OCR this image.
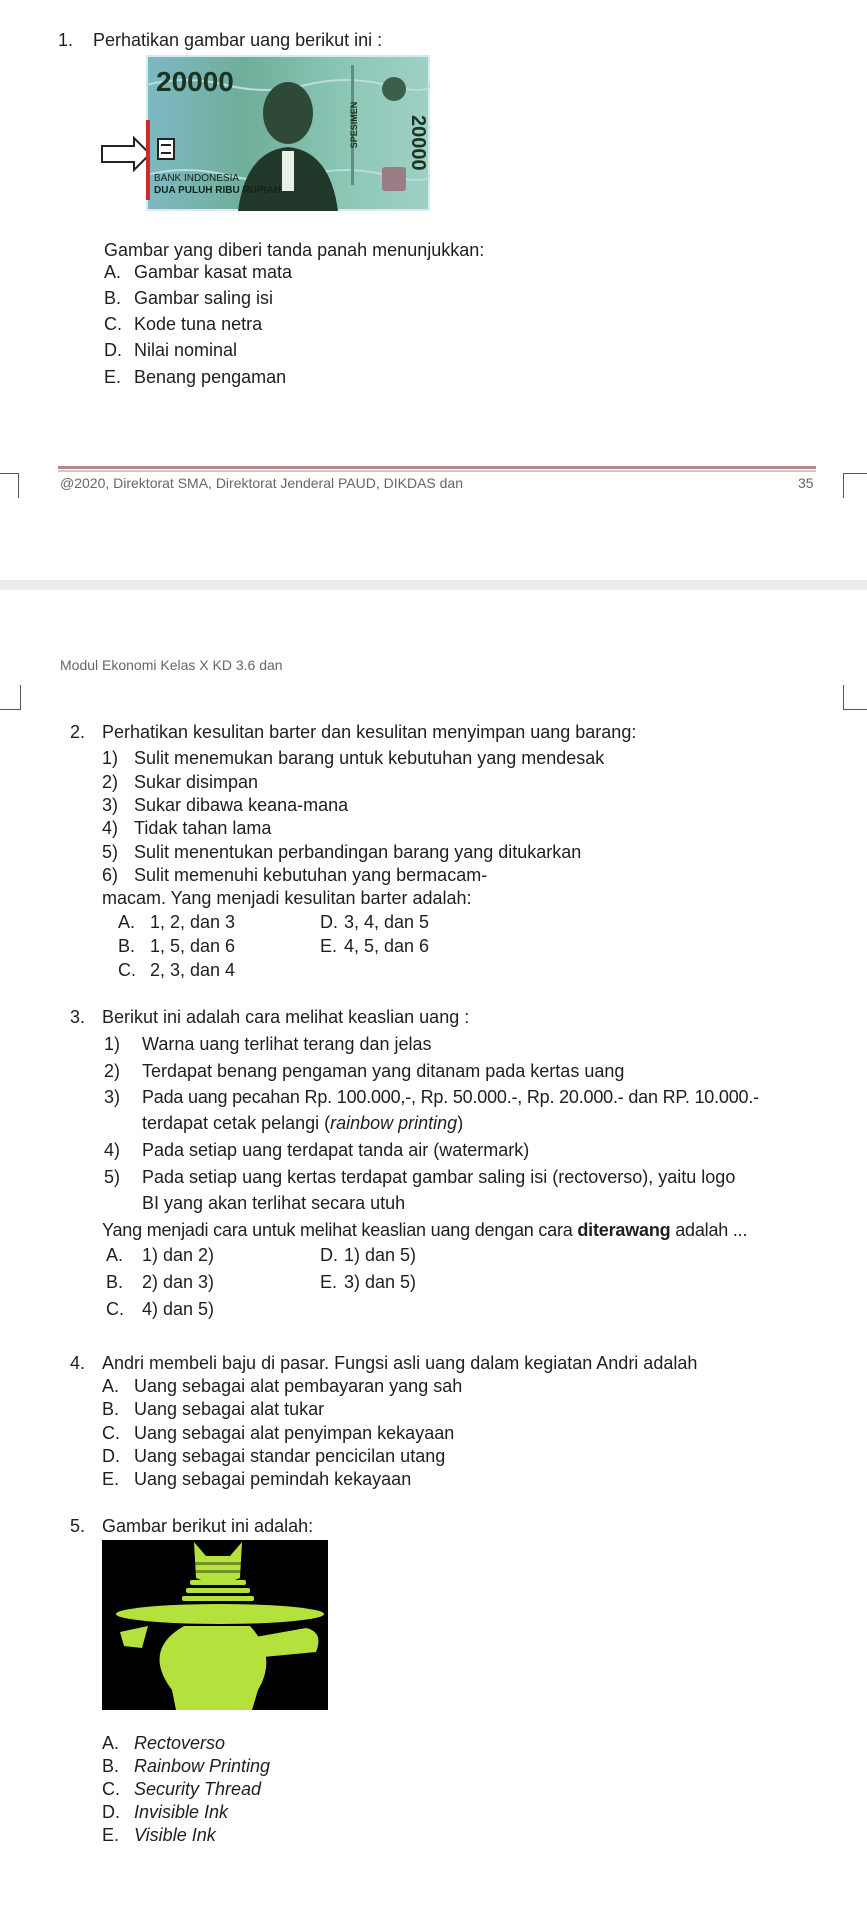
1. Perhatikan gambar uang berikut ini :
20000
20000
SPESIMEN
BANK INDONESIA
DUA PULUH RIBU RUPIAH
Gambar yang diberi tanda panah menunjukkan:
A. Gambar kasat mata
B. Gambar saling isi
C. Kode tuna netra
D. Nilai nominal
E. Benang pengaman
@2020, Direktorat SMA, Direktorat Jenderal PAUD, DIKDAS dan	35
Modul Ekonomi Kelas X KD 3.6 dan
2. Perhatikan kesulitan barter dan kesulitan menyimpan uang barang:
1) Sulit menemukan barang untuk kebutuhan yang mendesak
2) Sukar disimpan
3) Sukar dibawa keana-mana
4) Tidak tahan lama
5) Sulit menentukan perbandingan barang yang ditukarkan
6) Sulit memenuhi kebutuhan yang bermacam-
macam. Yang menjadi kesulitan barter adalah:
A. 1, 2, dan 3
B. 1, 5, dan 6
C. 2, 3, dan 4
D. 3, 4, dan 5
E. 4, 5, dan 6
3. Berikut ini adalah cara melihat keaslian uang :
1) Warna uang terlihat terang dan jelas
2) Terdapat benang pengaman yang ditanam pada kertas uang
3) Pada uang pecahan Rp. 100.000,-, Rp. 50.000.-, Rp. 20.000.- dan RP. 10.000.-
terdapat cetak pelangi (rainbow printing)
4) Pada setiap uang terdapat tanda air (watermark)
5) Pada setiap uang kertas terdapat gambar saling isi (rectoverso), yaitu logo
BI yang akan terlihat secara utuh
Yang menjadi cara untuk melihat keaslian uang dengan cara diterawang adalah ...
A. 1) dan 2)
B. 2) dan 3)
C. 4) dan 5)
D. 1) dan 5)
E. 3) dan 5)
4. Andri membeli baju di pasar. Fungsi asli uang dalam kegiatan Andri adalah
A. Uang sebagai alat pembayaran yang sah
B. Uang sebagai alat tukar
C. Uang sebagai alat penyimpan kekayaan
D. Uang sebagai standar pencicilan utang
E. Uang sebagai pemindah kekayaan
5. Gambar berikut ini adalah:
A. Rectoverso
B. Rainbow Printing
C. Security Thread
D. Invisible Ink
E. Visible Ink
